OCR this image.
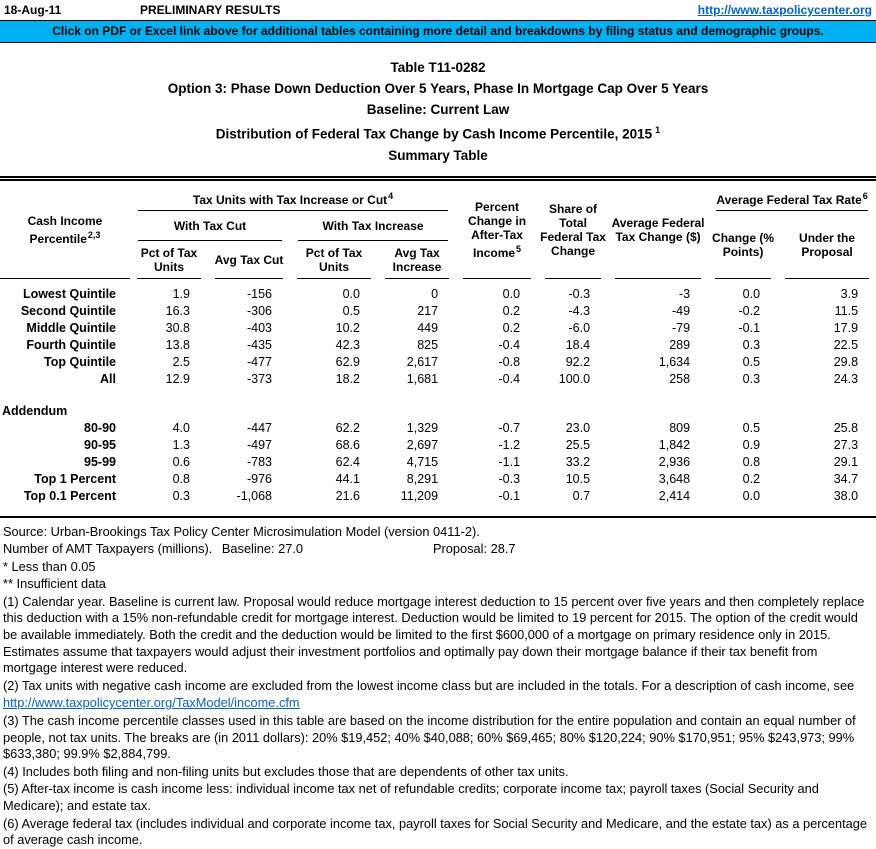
18-Aug-11	PRELIMINARY RESULTS	http://www.taxpolicycenter.org
Click on PDF or Excel link above for additional tables containing more detail and breakdowns by filing status and demographic groups.
Table T11-0282
Option 3: Phase Down Deduction Over 5 Years, Phase In Mortgage Cap Over 5 Years
Baseline: Current Law
Distribution of Federal Tax Change by Cash Income Percentile, 2015 $^1$
Summary Table
Cash Income Percentile$^{2,3}$	Tax Units with Tax Increase or Cut$^4$				Percent Change in After-Tax Income$^5$	Share of Total Federal Tax Change	Average Federal Tax Change ($)	Average Federal Tax Rate$^6$
	With Tax Cut		With Tax Increase					Change (% Points)	Under the Proposal
	Pct of Tax Units	Avg Tax Cut	Pct of Tax Units	Avg Tax Increase					
Lowest Quintile	1.9	-156	0.0	0	0.0	-0.3	-3	0.0	3.9
Second Quintile	16.3	-306	0.5	217	0.2	-4.3	-49	-0.2	11.5
Middle Quintile	30.8	-403	10.2	449	0.2	-6.0	-79	-0.1	17.9
Fourth Quintile	13.8	-435	42.3	825	-0.4	18.4	289	0.3	22.5
Top Quintile	2.5	-477	62.9	2,617	-0.8	92.2	1,634	0.5	29.8
All	12.9	-373	18.2	1,681	-0.4	100.0	258	0.3	24.3

Addendum									
80-90	4.0	-447	62.2	1,329	-0.7	23.0	809	0.5	25.8
90-95	1.3	-497	68.6	2,697	-1.2	25.5	1,842	0.9	27.3
95-99	0.6	-783	62.4	4,715	-1.1	33.2	2,936	0.8	29.1
Top 1 Percent	0.8	-976	44.1	8,291	-0.3	10.5	3,648	0.2	34.7
Top 0.1 Percent	0.3	-1,068	21.6	11,209	-0.1	0.7	2,414	0.0	38.0

Source: Urban-Brookings Tax Policy Center Microsimulation Model (version 0411-2).

Number of AMT Taxpayers (millions). Baseline: 27.0	Proposal: 28.7

* Less than 0.05

** Insufficient data

(1) Calendar year. Baseline is current law. Proposal would reduce mortgage interest deduction to 15 percent over five years and then completely replace this deduction with a 15% non-refundable credit for mortgage interest. Deduction would be limited to 19 percent for 2015. The option of the credit would be available immediately. Both the credit and the deduction would be limited to the first $600,000 of a mortgage on primary residence only in 2015. Estimates assume that taxpayers would adjust their investment portfolios and optimally pay down their mortgage balance if their tax benefit from mortgage interest were reduced.

(2) Tax units with negative cash income are excluded from the lowest income class but are included in the totals. For a description of cash income, see

http://www.taxpolicycenter.org/TaxModel/income.cfm

(3) The cash income percentile classes used in this table are based on the income distribution for the entire population and contain an equal number of people, not tax units. The breaks are (in 2011 dollars): 20% $19,452; 40% $40,088; 60% $69,465; 80% $120,224; 90% $170,951; 95% $243,973; 99% $633,380; 99.9% $2,884,799.

(4) Includes both filing and non-filing units but excludes those that are dependents of other tax units.

(5) After-tax income is cash income less: individual income tax net of refundable credits; corporate income tax; payroll taxes (Social Security and Medicare); and estate tax.

(6) Average federal tax (includes individual and corporate income tax, payroll taxes for Social Security and Medicare, and the estate tax) as a percentage of average cash income.
